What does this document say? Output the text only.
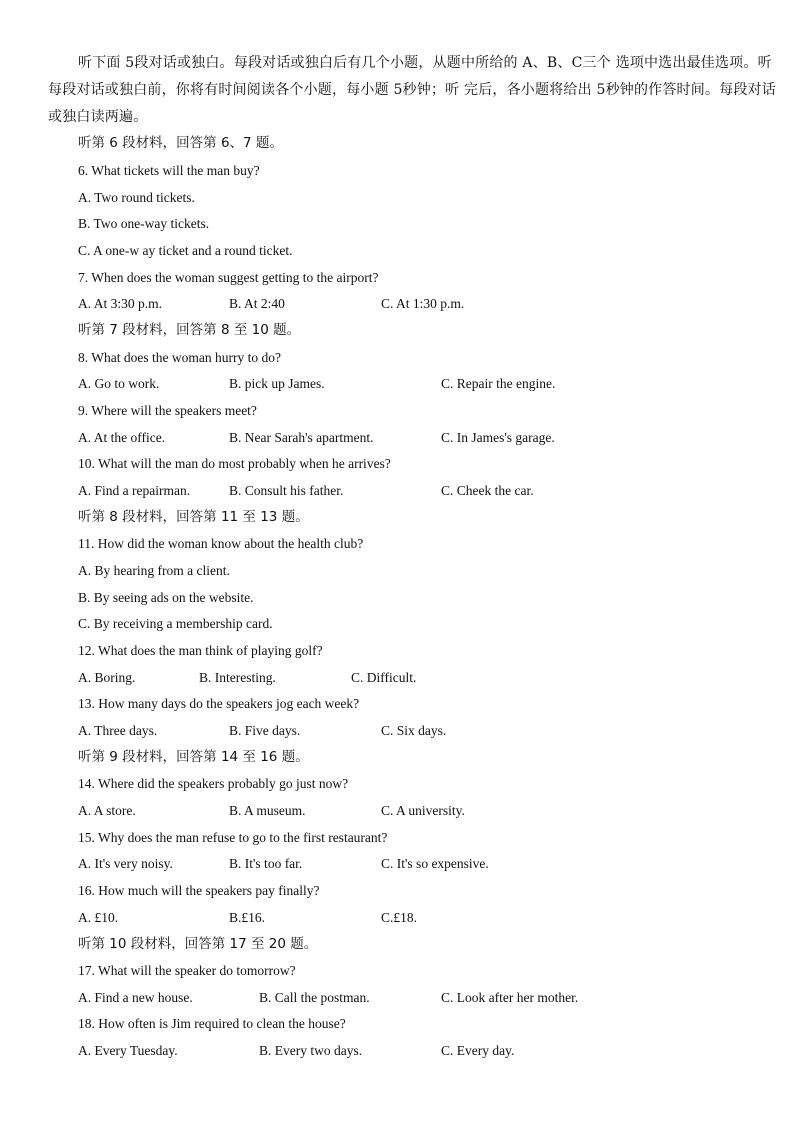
听下面 5段对话或独白。每段对话或独白后有几个小题，从题中所给的 A、B、C三个 选项中选出最佳选项。听每段对话或独白前，你将有时间阅读各个小题，每小题 5秒钟；听 完后，各小题将给出 5秒钟的作答时间。每段对话或独白读两遍。

听第 6 段材料，回答第 6、7 题。
6. What tickets will the man buy?
A. Two round tickets.
B. Two one-way tickets.
C. A one-w ay ticket and a round ticket.
7. When does the woman suggest getting to the airport?
A. At 3:30 p.m.	B. At 2:40	C. At 1:30 p.m.
听第 7 段材料，回答第 8 至 10 题。
8. What does the woman hurry to do?
A. Go to work.	B. pick up James.	C. Repair the engine.
9. Where will the speakers meet?
A. At the office.	B. Near Sarah's apartment.	C. In James's garage.
10. What will the man do most probably when he arrives?
A. Find a repairman.	B. Consult his father.	C. Cheek the car.
听第 8 段材料，回答第 11 至 13 题。
11. How did the woman know about the health club?
A. By hearing from a client.
B. By seeing ads on the website.
C. By receiving a membership card.
12. What does the man think of playing golf?
A. Boring.	B. Interesting.	C. Difficult.
13. How many days do the speakers jog each week?
A. Three days.	B. Five days.	C. Six days.
听第 9 段材料，回答第 14 至 16 题。
14. Where did the speakers probably go just now?
A. A store.	B. A museum.	C. A university.
15. Why does the man refuse to go to the first restaurant?
A. It's very noisy.	B. It's too far.	C. It's so expensive.
16. How much will the speakers pay finally?
A. £10.	B.£16.	C.£18.
听第 10 段材料，回答第 17 至 20 题。
17. What will the speaker do tomorrow?
A. Find a new house.	B. Call the postman.	C. Look after her mother.
18. How often is Jim required to clean the house?
A. Every Tuesday.	B. Every two days.	C. Every day.
